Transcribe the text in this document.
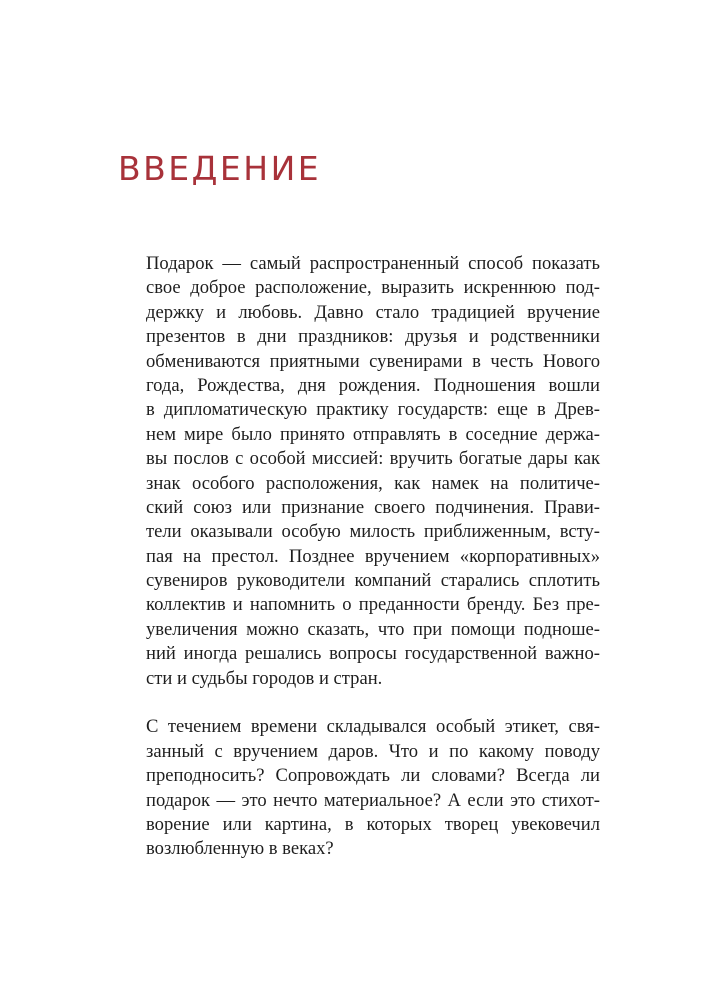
ВВЕДЕНИЕ
Подарок — самый распространенный способ показать
свое доброе расположение, выразить искреннюю под-
держку и любовь. Давно стало традицией вручение
презентов в дни праздников: друзья и родственники
обмениваются приятными сувенирами в честь Нового
года, Рождества, дня рождения. Подношения вошли
в дипломатическую практику государств: еще в Древ-
нем мире было принято отправлять в соседние держа-
вы послов с особой миссией: вручить богатые дары как
знак особого расположения, как намек на политиче-
ский союз или признание своего подчинения. Прави-
тели оказывали особую милость приближенным, всту-
пая на престол. Позднее вручением «корпоративных»
сувениров руководители компаний старались сплотить
коллектив и напомнить о преданности бренду. Без пре-
увеличения можно сказать, что при помощи подноше-
ний иногда решались вопросы государственной важно-
сти и судьбы городов и стран.
С течением времени складывался особый этикет, свя-
занный с вручением даров. Что и по какому поводу
преподносить? Сопровождать ли словами? Всегда ли
подарок — это нечто материальное? А если это стихот-
ворение или картина, в которых творец увековечил
возлюбленную в веках?
